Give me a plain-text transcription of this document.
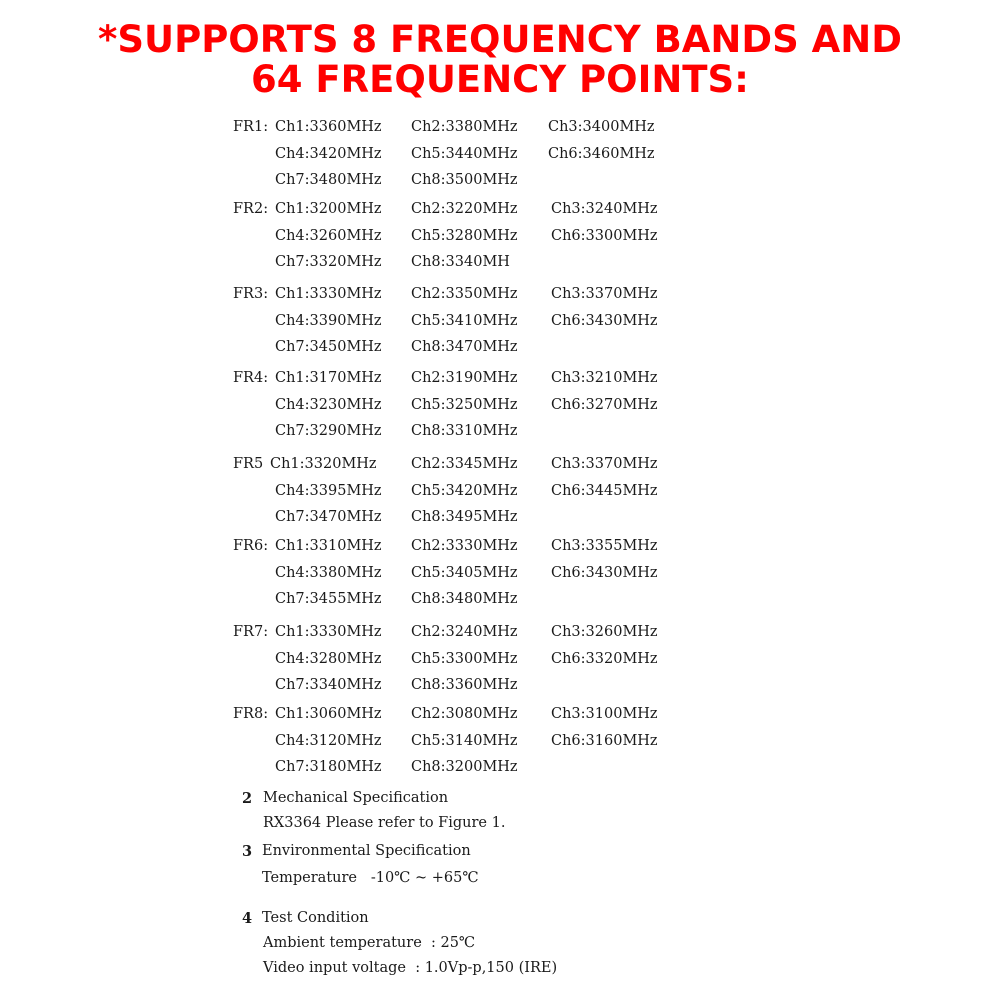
*SUPPORTS 8 FREQUENCY BANDS AND
64 FREQUENCY POINTS:
FR1: Ch1:3360MHz Ch2:3380MHz Ch3:3400MHz
Ch4:3420MHz Ch5:3440MHz Ch6:3460MHz
Ch7:3480MHz Ch8:3500MHz
FR2: Ch1:3200MHz Ch2:3220MHz Ch3:3240MHz
Ch4:3260MHz Ch5:3280MHz Ch6:3300MHz
Ch7:3320MHz Ch8:3340MH
FR3: Ch1:3330MHz Ch2:3350MHz Ch3:3370MHz
Ch4:3390MHz Ch5:3410MHz Ch6:3430MHz
Ch7:3450MHz Ch8:3470MHz
FR4: Ch1:3170MHz Ch2:3190MHz Ch3:3210MHz
Ch4:3230MHz Ch5:3250MHz Ch6:3270MHz
Ch7:3290MHz Ch8:3310MHz
FR5 Ch1:3320MHz Ch2:3345MHz Ch3:3370MHz
Ch4:3395MHz Ch5:3420MHz Ch6:3445MHz
Ch7:3470MHz Ch8:3495MHz
FR6: Ch1:3310MHz Ch2:3330MHz Ch3:3355MHz
Ch4:3380MHz Ch5:3405MHz Ch6:3430MHz
Ch7:3455MHz Ch8:3480MHz
FR7: Ch1:3330MHz Ch2:3240MHz Ch3:3260MHz
Ch4:3280MHz Ch5:3300MHz Ch6:3320MHz
Ch7:3340MHz Ch8:3360MHz
FR8: Ch1:3060MHz Ch2:3080MHz Ch3:3100MHz
Ch4:3120MHz Ch5:3140MHz Ch6:3160MHz
Ch7:3180MHz Ch8:3200MHz
2 Mechanical Specification
RX3364 Please refer to Figure 1.
3 Environmental Specification
Temperature   -10℃ ~ +65℃
4 Test Condition
Ambient temperature  : 25℃
Video input voltage  : 1.0Vp-p,150 (IRE)
